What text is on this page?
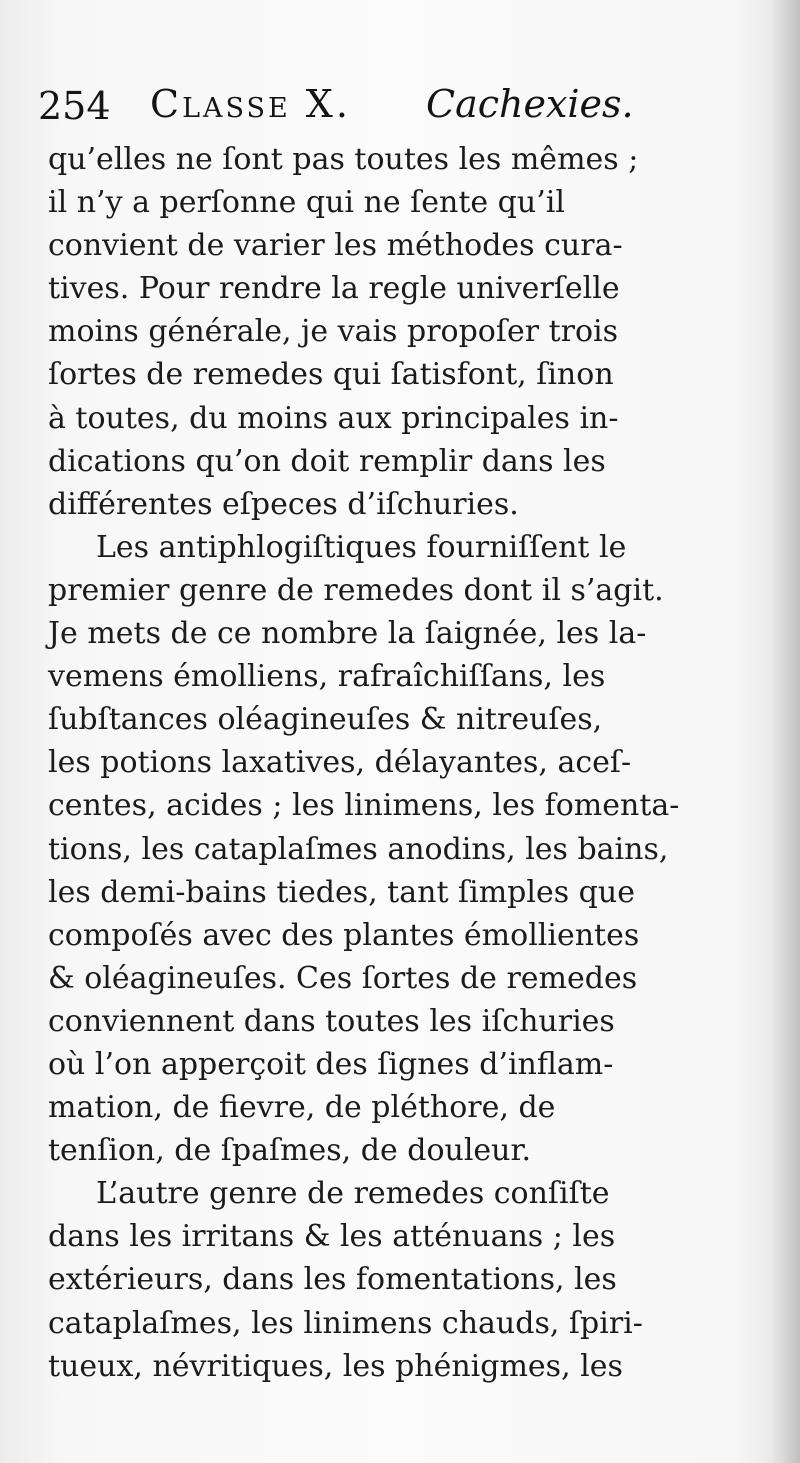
254 Classe X. Cachexies.
qu’elles ne ſont pas toutes les mêmes ;
il n’y a perſonne qui ne ſente qu’il
convient de varier les méthodes cura-
tives. Pour rendre la regle univerſelle
moins générale, je vais propoſer trois
ſortes de remedes qui ſatisfont, ſinon
à toutes, du moins aux principales in-
dications qu’on doit remplir dans les
différentes eſpeces d’iſchuries.
Les antiphlogiſtiques fourniſſent le
premier genre de remedes dont il s’agit.
Je mets de ce nombre la ſaignée, les la-
vemens émolliens, rafraîchiſſans, les
ſubſtances oléagineuſes & nitreuſes,
les potions laxatives, délayantes, aceſ-
centes, acides ; les linimens, les fomenta-
tions, les cataplaſmes anodins, les bains,
les demi-bains tiedes, tant ſimples que
compoſés avec des plantes émollientes
& oléagineuſes. Ces ſortes de remedes
conviennent dans toutes les iſchuries
où l’on apperçoit des ſignes d’inflam-
mation, de fievre, de pléthore, de
tenſion, de ſpaſmes, de douleur.
L’autre genre de remedes conſiſte
dans les irritans & les atténuans ; les
extérieurs, dans les fomentations, les
cataplaſmes, les linimens chauds, ſpiri-
tueux, névritiques, les phénigmes, les
